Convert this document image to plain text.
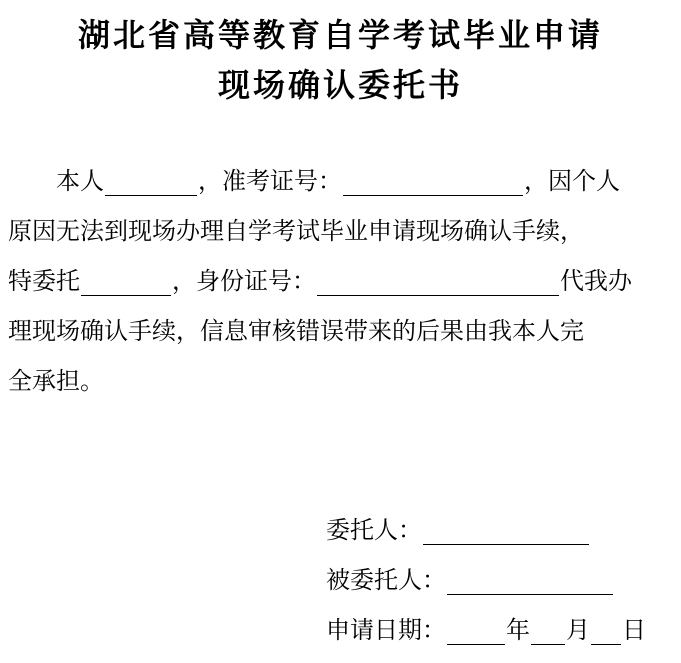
湖北省高等教育自学考试毕业申请
现场确认委托书

本人	，准考证号：	，因个人
原因无法到现场办理自学考试毕业申请现场确认手续，
特委托	，身份证号：	代我办
理现场确认手续，信息审核错误带来的后果由我本人完
全承担。
委托人：
被委托人：
申请日期：	年 月 日
